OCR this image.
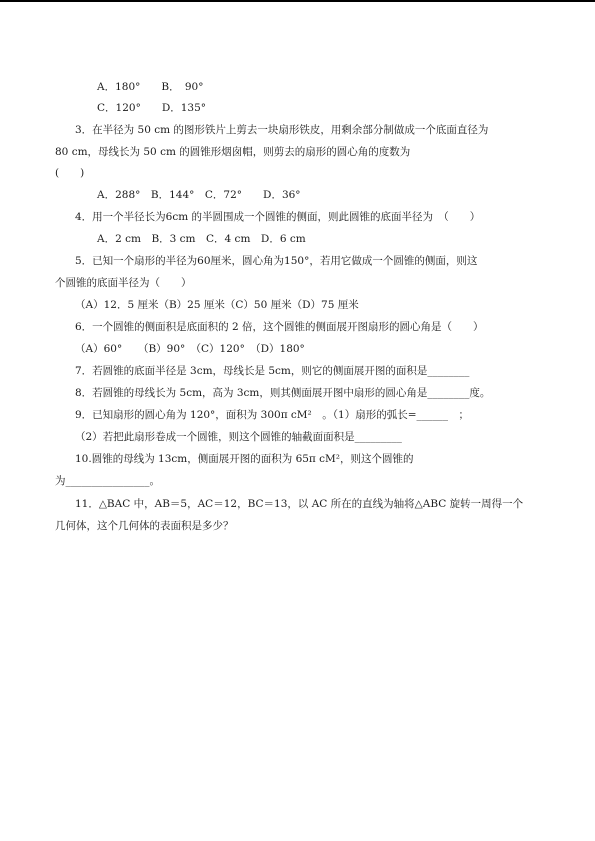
A．180°　　B．　90°
C．120°　　D．135°
3．在半径为 50 cm 的图形铁片上剪去一块扇形铁皮，用剩余部分制做成一个底面直径为
80 cm，母线长为 50 cm 的圆锥形烟囱帽，则剪去的扇形的圆心角的度数为
(　　)
A．288°　B．144°　C．72°　　D．36°
4．用一个半径长为6cm 的半圆围成一个圆锥的侧面，则此圆锥的底面半径为　（　　）
A．2 cm　B．3 cm　C．4 cm　D．6 cm
5．已知一个扇形的半径为60厘米，圆心角为150°，若用它做成一个圆锥的侧面，则这
个圆锥的底面半径为（　　）
（A）12．5 厘米（B）25 厘米（C）50 厘米（D）75 厘米
6．一个圆锥的侧面积是底面积的 2 倍，这个圆锥的侧面展开图扇形的圆心角是（　　）
（A）60°　　（B）90°　（C）120°　（D）180°
7．若圆锥的底面半径是 3cm，母线长是 5cm，则它的侧面展开图的面积是________
8．若圆锥的母线长为 5cm，高为 3cm，则其侧面展开图中扇形的圆心角是________度。
9．已知扇形的圆心角为 120°，面积为 300π cM²　。（1）扇形的弧长=______　；
（2）若把此扇形卷成一个圆锥，则这个圆锥的轴截面面积是_________
10.圆锥的母线为 13cm，侧面展开图的面积为 65π cM²，则这个圆锥的
为________________。
11．△BAC 中，AB＝5，AC＝12，BC＝13，以 AC 所在的直线为轴将△ABC 旋转一周得一个
几何体，这个几何体的表面积是多少？
